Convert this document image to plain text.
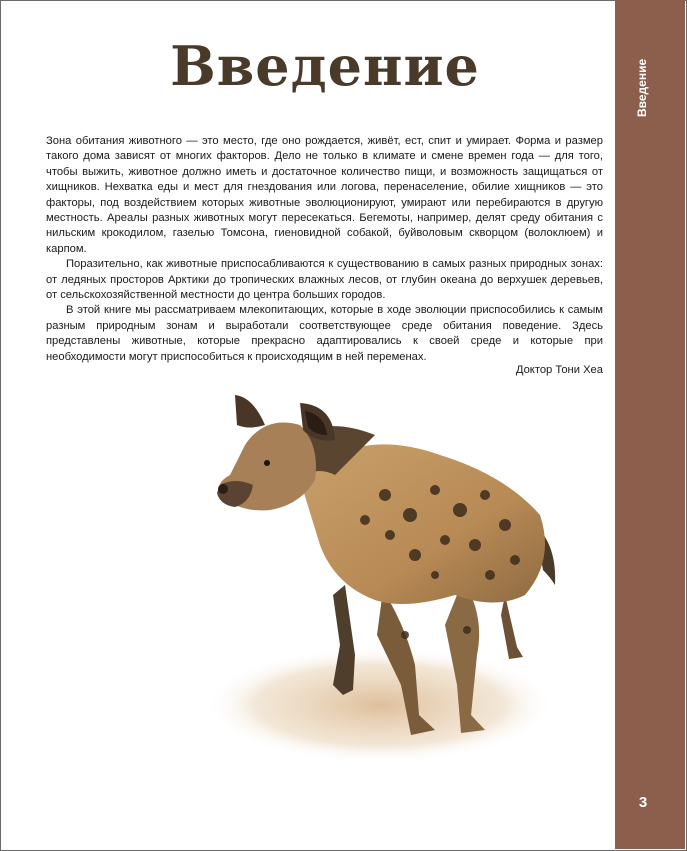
Введение
3
Введение

Зона обитания животного — это место, где оно рождается, живёт, ест, спит и умирает. Форма и размер такого дома зависят от многих факторов. Дело не только в климате и смене времен года — для того, чтобы выжить, животное должно иметь и достаточное количество пищи, и возможность защищаться от хищников. Нехватка еды и мест для гнездования или логова, перенаселение, обилие хищников — это факторы, под воздействием которых животные эволюционируют, умирают или перебираются в другую местность. Ареалы разных животных могут пересекаться. Бегемоты, например, делят среду обитания с нильским крокодилом, газелью Томсона, гиеновидной собакой, буйволовым скворцом (волоклюем) и карпом.

Поразительно, как животные приспосабливаются к существованию в самых разных природных зонах: от ледяных просторов Арктики до тропических влажных лесов, от глубин океана до верхушек деревьев, от сельскохозяйственной местности до центра больших городов.

В этой книге мы рассматриваем млекопитающих, которые в ходе эволюции приспособились к самым разным природным зонам и выработали соответствующее среде обитания поведение. Здесь представлены животные, которые прекрасно адаптировались к своей среде и которые при необходимости могут приспособиться к происходящим в ней переменах.

Доктор Тони Хеа
